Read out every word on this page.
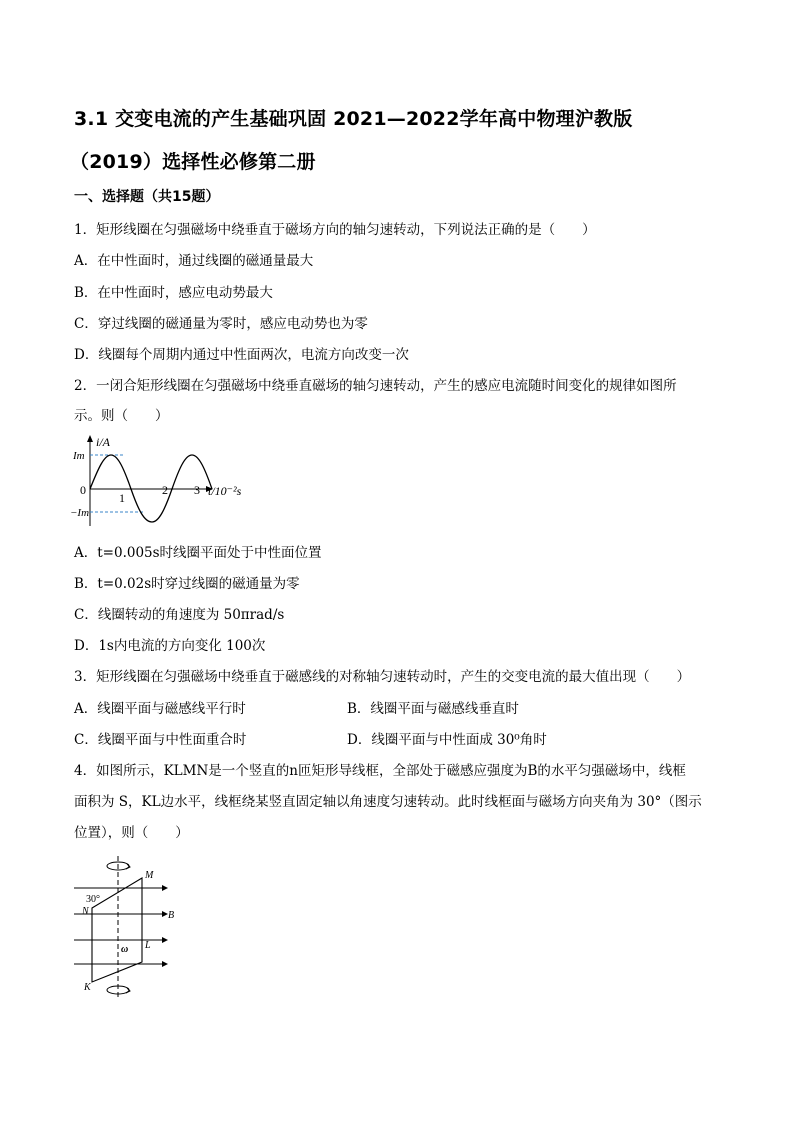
3.1 交变电流的产生基础巩固 2021—2022学年高中物理沪教版
（2019）选择性必修第二册
一、选择题（共15题）
1．矩形线圈在匀强磁场中绕垂直于磁场方向的轴匀速转动，下列说法正确的是（　　）
A．在中性面时，通过线圈的磁通量最大
B．在中性面时，感应电动势最大
C．穿过线圈的磁通量为零时，感应电动势也为零
D．线圈每个周期内通过中性面两次，电流方向改变一次
2．一闭合矩形线圈在匀强磁场中绕垂直磁场的轴匀速转动，产生的感应电流随时间变化的规律如图所
示。则（　　）
i/A
Im
−Im
0
1
2 3 t/10⁻²s
A．t=0.005s时线圈平面处于中性面位置
B．t=0.02s时穿过线圈的磁通量为零
C．线圈转动的角速度为 50πrad/s
D．1s内电流的方向变化 100次
3．矩形线圈在匀强磁场中绕垂直于磁感线的对称轴匀速转动时，产生的交变电流的最大值出现（　　）
A．线圈平面与磁感线平行时	B．线圈平面与磁感线垂直时
C．线圈平面与中性面重合时	D．线圈平面与中性面成 30⁰角时
4．如图所示，KLMN是一个竖直的n匝矩形导线框，全部处于磁感应强度为B的水平匀强磁场中，线框
面积为 S，KL边水平，线框绕某竖直固定轴以角速度匀速转动。此时线框面与磁场方向夹角为 30°（图示
位置），则（　　）
30°
M
N	B
L
K
ω
